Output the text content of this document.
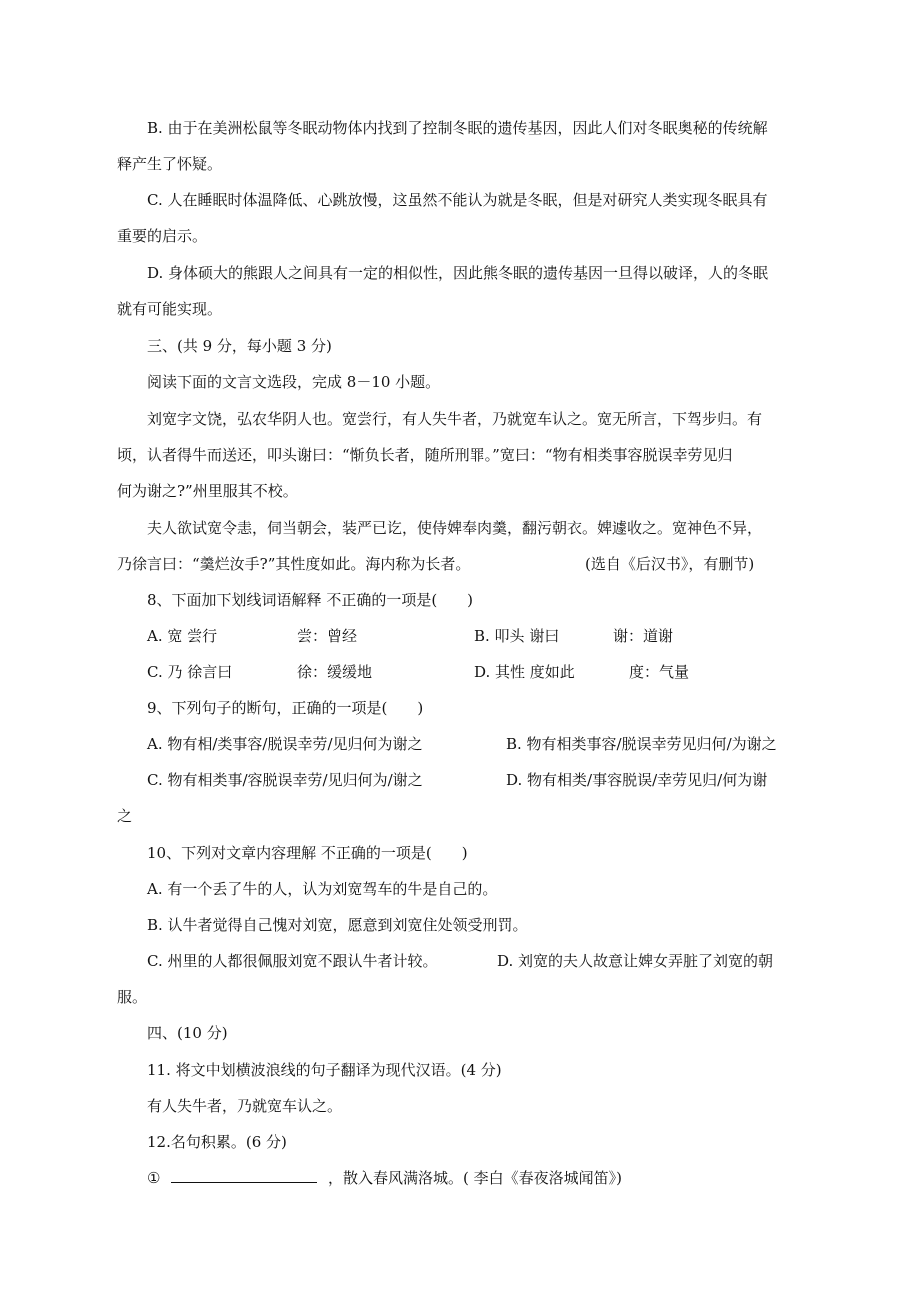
B. 由于在美洲松鼠等冬眠动物体内找到了控制冬眠的遗传基因，因此人们对冬眠奥秘的传统解
释产生了怀疑。
C. 人在睡眠时体温降低、心跳放慢，这虽然不能认为就是冬眠，但是对研究人类实现冬眠具有
重要的启示。
D. 身体硕大的熊跟人之间具有一定的相似性，因此熊冬眠的遗传基因一旦得以破译，人的冬眠
就有可能实现。
三、(共 9 分，每小题 3 分)
阅读下面的文言文选段，完成 8－10 小题。
刘宽字文饶，弘农华阴人也。宽尝行，有人失牛者，乃就宽车认之。宽无所言，下驾步归。有
顷，认者得牛而送还，叩头谢曰：“惭负长者，随所刑罪。”宽曰：“物有相类事容脱误幸劳见归
何为谢之?”州里服其不校。
夫人欲试宽令恚，伺当朝会，装严已讫，使侍婢奉肉羹，翻污朝衣。婢遽收之。宽神色不异，
乃徐言曰：“羹烂汝手?”其性度如此。海内称为长者。	(选自《后汉书》，有删节)
8、下面加下划线词语解释 不正确的一项是(　　)
A. 宽 尝行	尝：曾经	B. 叩头 谢曰	谢：道谢
C. 乃 徐言曰	徐：缓缓地	D. 其性 度如此	度：气量
9、下列句子的断句，正确的一项是(　　)
A. 物有相/类事容/脱误幸劳/见归何为谢之	B. 物有相类事容/脱误幸劳见归何/为谢之
C. 物有相类事/容脱误幸劳/见归何为/谢之	D. 物有相类/事容脱误/幸劳见归/何为谢
之
10、下列对文章内容理解 不正确的一项是(　　)
A. 有一个丢了牛的人，认为刘宽驾车的牛是自己的。
B. 认牛者觉得自己愧对刘宽，愿意到刘宽住处领受刑罚。
C. 州里的人都很佩服刘宽不跟认牛者计较。	D. 刘宽的夫人故意让婢女弄脏了刘宽的朝
服。
四、(10 分)
11. 将文中划横波浪线的句子翻译为现代汉语。(4 分)
有人失牛者，乃就宽车认之。
12.名句积累。(6 分)
①	，散入春风满洛城。( 李白《春夜洛城闻笛》)
